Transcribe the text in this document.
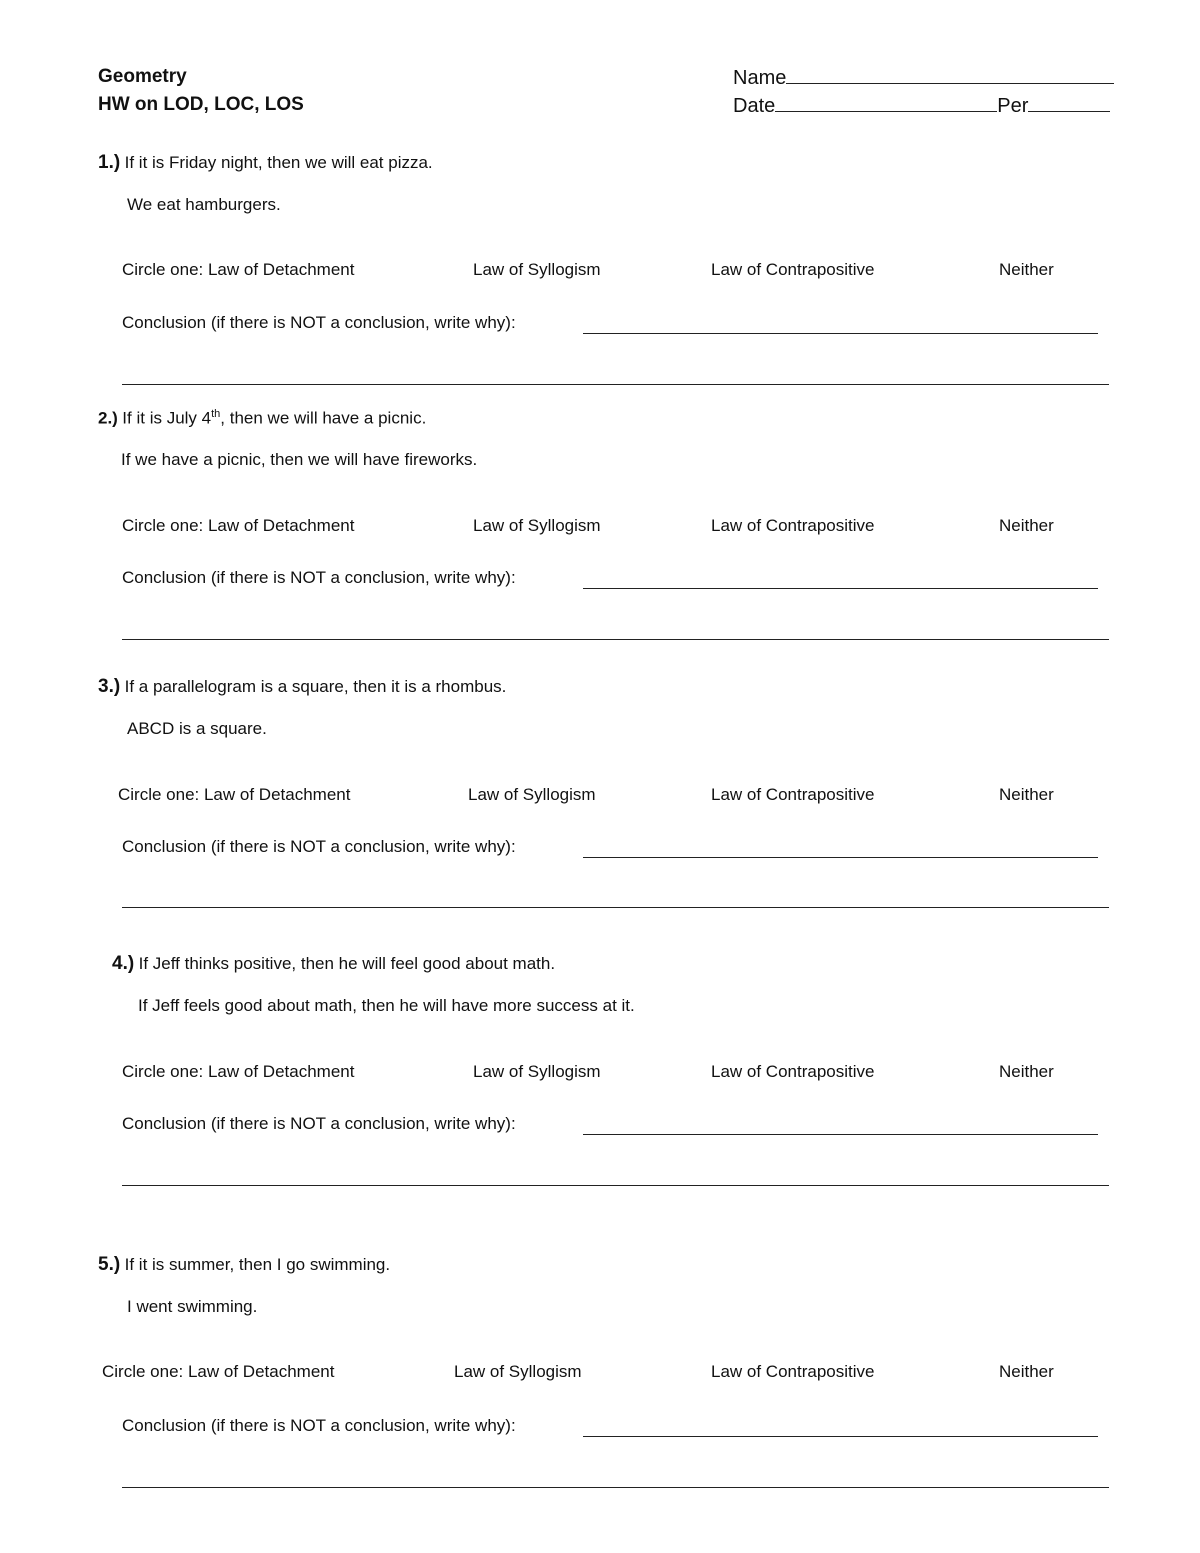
Geometry
HW on LOD, LOC, LOS
Name
Date	Per
1.) If it is Friday night, then we will eat pizza.
We eat hamburgers.
Circle one: Law of Detachment	Law of Syllogism	Law of Contrapositive	Neither
Conclusion (if there is NOT a conclusion, write why):
2.) If it is July 4th, then we will have a picnic.
If we have a picnic, then we will have fireworks.
Circle one: Law of Detachment	Law of Syllogism	Law of Contrapositive	Neither
Conclusion (if there is NOT a conclusion, write why):
3.) If a parallelogram is a square, then it is a rhombus.
ABCD is a square.
Circle one: Law of Detachment	Law of Syllogism	Law of Contrapositive	Neither
Conclusion (if there is NOT a conclusion, write why):
4.) If Jeff thinks positive, then he will feel good about math.
If Jeff feels good about math, then he will have more success at it.
Circle one: Law of Detachment	Law of Syllogism	Law of Contrapositive	Neither
Conclusion (if there is NOT a conclusion, write why):
5.) If it is summer, then I go swimming.
I went swimming.
Circle one: Law of Detachment	Law of Syllogism	Law of Contrapositive	Neither
Conclusion (if there is NOT a conclusion, write why):
